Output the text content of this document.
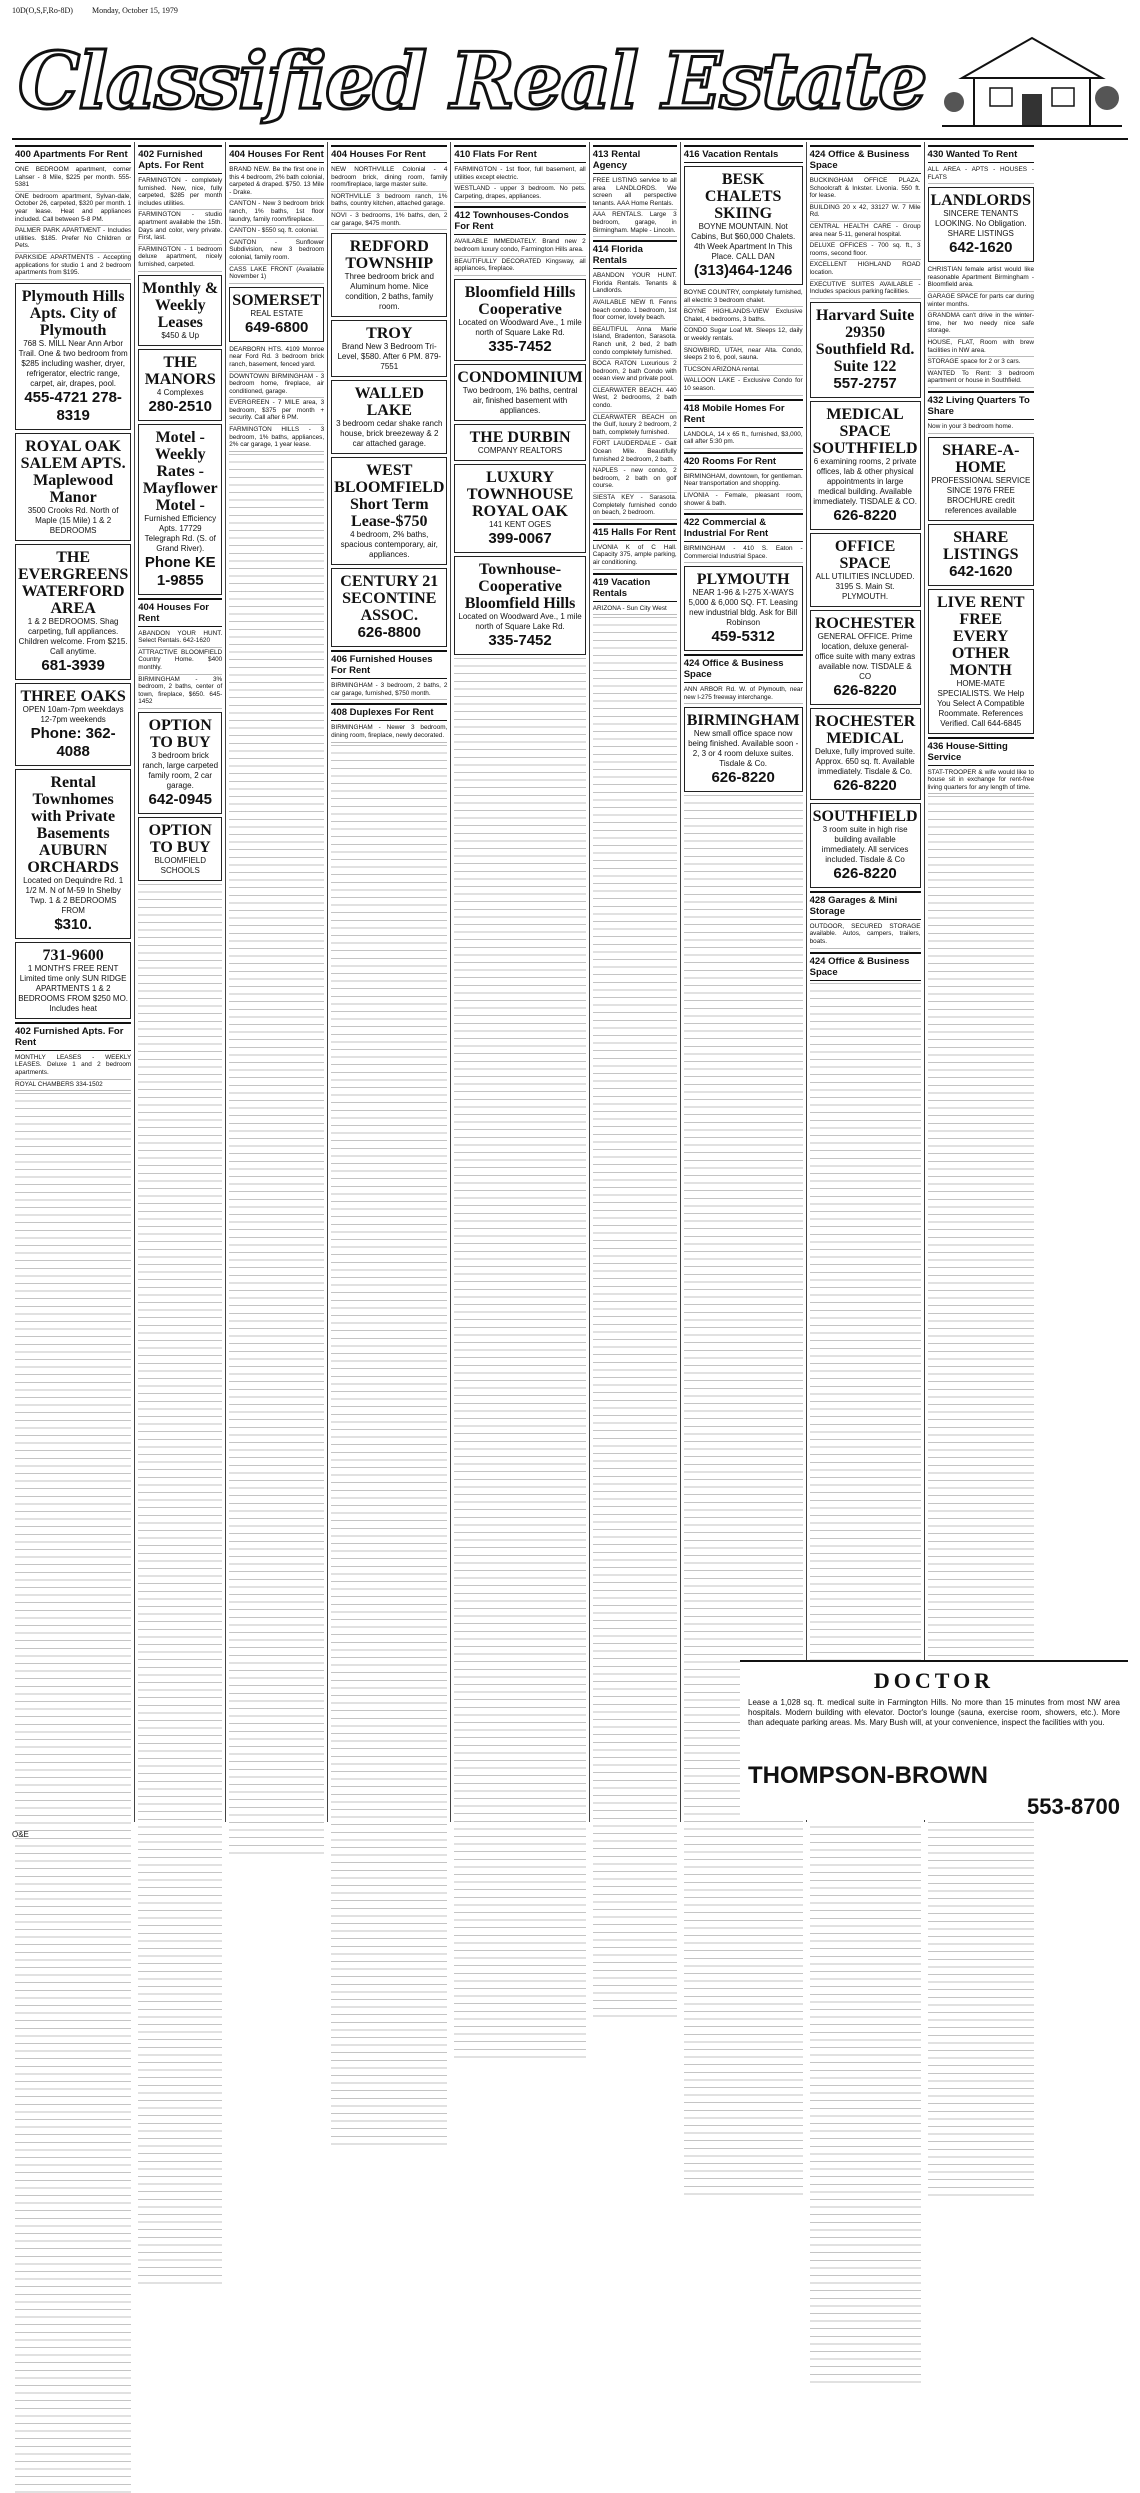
10D(O,S,F,Ro-8D) Monday, October 15, 1979
Classified Real Estate
400 Apartments For Rent
ONE BEDROOM apartment, corner Lahser - 8 Mile, $225 per month. 555-5381
ONE bedroom apartment, Sylvan-dale, October 26, carpeted, $320 per month. 1 year lease. Heat and appliances included. Call between 5-8 PM.
PALMER PARK APARTMENT - Includes utilities. $185. Prefer No Children or Pets.
PARKSIDE APARTMENTS - Accepting applications for studio 1 and 2 bedroom apartments from $195.
Plymouth Hills Apts. City of Plymouth
768 S. MILL Near Ann Arbor Trail. One & two bedroom from $285 including washer, dryer, refrigerator, electric range, carpet, air, drapes, pool.
455-4721 278-8319
ROYAL OAK SALEM APTS. Maplewood Manor
3500 Crooks Rd. North of Maple (15 Mile) 1 & 2 BEDROOMS
THE EVERGREENS WATERFORD AREA
1 & 2 BEDROOMS. Shag carpeting, full appliances. Children welcome. From $215. Call anytime.
681-3939
THREE OAKS
OPEN 10am-7pm weekdays 12-7pm weekends
Phone: 362-4088
Rental Townhomes with Private Basements AUBURN ORCHARDS
Located on Dequindre Rd. 1 1/2 M. N of M-59 In Shelby Twp. 1 & 2 BEDROOMS FROM
$310.
731-9600
1 MONTH'S FREE RENT Limited time only SUN RIDGE APARTMENTS 1 & 2 BEDROOMS FROM $250 MO. Includes heat
402 Furnished Apts. For Rent
MONTHLY LEASES - WEEKLY LEASES. Deluxe 1 and 2 bedroom apartments.
ROYAL CHAMBERS 334-1502
402 Furnished Apts. For Rent
FARMINGTON - completely furnished. New, nice, fully carpeted, $285 per month includes utilities.
FARMINGTON - studio apartment available the 15th. Days and color, very private. First, last.
FARMINGTON - 1 bedroom deluxe apartment, nicely furnished, carpeted.
Monthly & Weekly Leases
$450 & Up
THE MANORS
4 Complexes
280-2510
Motel - Weekly Rates - Mayflower Motel -
Furnished Efficiency Apts. 17729 Telegraph Rd. (S. of Grand River).
Phone KE 1-9855
404 Houses For Rent
ABANDON YOUR HUNT. Select Rentals. 642-1620
ATTRACTIVE BLOOMFIELD Country Home. $400 monthly.
BIRMINGHAM - 3% bedroom, 2 baths, center of town, fireplace, $650. 645-1452
OPTION TO BUY
3 bedroom brick ranch, large carpeted family room, 2 car garage.
642-0945
OPTION TO BUY
BLOOMFIELD SCHOOLS
404 Houses For Rent
BRAND NEW. Be the first one in this 4 bedroom, 2% bath colonial, carpeted & draped. $750. 13 Mile - Drake.
CANTON - New 3 bedroom brick ranch, 1% baths, 1st floor laundry, family room/fireplace.
CANTON - $550 sq. ft. colonial.
CANTON - Sunflower Subdivision, new 3 bedroom colonial, family room.
CASS LAKE FRONT (Available November 1)
SOMERSET
REAL ESTATE
649-6800
DEARBORN HTS. 4109 Monroe near Ford Rd. 3 bedroom brick ranch, basement, fenced yard.
DOWNTOWN BIRMINGHAM - 3 bedroom home, fireplace, air conditioned, garage.
EVERGREEN - 7 MILE area, 3 bedroom, $375 per month + security. Call after 6 PM.
FARMINGTON HILLS - 3 bedroom, 1% baths, appliances, 2% car garage, 1 year lease.
404 Houses For Rent
NEW NORTHVILLE Colonial - 4 bedroom brick, dining room, family room/fireplace, large master suite.
NORTHVILLE 3 bedroom ranch, 1% baths, country kitchen, attached garage.
NOVI - 3 bedrooms, 1% baths, den, 2 car garage, $475 month.
REDFORD TOWNSHIP
Three bedroom brick and Aluminum home. Nice condition, 2 baths, family room.
TROY
Brand New 3 Bedroom Tri-Level, $580. After 6 PM. 879-7551
WALLED LAKE
3 bedroom cedar shake ranch house, brick breezeway & 2 car attached garage.
WEST BLOOMFIELD Short Term Lease-$750
4 bedroom, 2% baths, spacious contemporary, air, appliances.
CENTURY 21 SECONTINE ASSOC.
626-8800
406 Furnished Houses For Rent
BIRMINGHAM - 3 bedroom, 2 baths, 2 car garage, furnished, $750 month.
408 Duplexes For Rent
BIRMINGHAM - Newer 3 bedroom, dining room, fireplace, newly decorated.
410 Flats For Rent
FARMINGTON - 1st floor, full basement, all utilities except electric.
WESTLAND - upper 3 bedroom. No pets. Carpeting, drapes, appliances.
412 Townhouses-Condos For Rent
AVAILABLE IMMEDIATELY. Brand new 2 bedroom luxury condo, Farmington Hills area.
BEAUTIFULLY DECORATED Kingsway, all appliances, fireplace.
Bloomfield Hills Cooperative
Located on Woodward Ave., 1 mile north of Square Lake Rd.
335-7452
CONDOMINIUM
Two bedroom, 1% baths, central air, finished basement with appliances.
THE DURBIN
COMPANY REALTORS
LUXURY TOWNHOUSE ROYAL OAK
141 KENT OGES
399-0067
Townhouse-Cooperative Bloomfield Hills
Located on Woodward Ave., 1 mile north of Square Lake Rd.
335-7452
413 Rental Agency
FREE LISTING service to all area LANDLORDS. We screen all perspective tenants. AAA Home Rentals.
AAA RENTALS. Large 3 bedroom, garage, in Birmingham. Maple - Lincoln.
414 Florida Rentals
ABANDON YOUR HUNT. Florida Rentals. Tenants & Landlords.
AVAILABLE NEW fl. Fenns beach condo. 1 bedroom, 1st floor corner, lovely beach.
BEAUTIFUL Anna Marie Island, Bradenton, Sarasota. Ranch unit, 2 bed, 2 bath condo completely furnished.
BOCA RATON Luxurious 2 bedroom, 2 bath Condo with ocean view and private pool.
CLEARWATER BEACH. 440 West, 2 bedrooms, 2 bath condo.
CLEARWATER BEACH on the Gulf, luxury 2 bedroom, 2 bath, completely furnished.
FORT LAUDERDALE - Galt Ocean Mile. Beautifully furnished 2 bedroom, 2 bath.
NAPLES - new condo, 2 bedroom, 2 bath on golf course.
SIESTA KEY - Sarasota. Completely furnished condo on beach, 2 bedroom.
415 Halls For Rent
LIVONIA K of C Hall. Capacity 375, ample parking, air conditioning.
419 Vacation Rentals
ARIZONA - Sun City West
416 Vacation Rentals
BESK CHALETS SKIING
BOYNE MOUNTAIN. Not Cabins, But $60,000 Chalets. 4th Week Apartment In This Place. CALL DAN
(313)464-1246
BOYNE COUNTRY, completely furnished, all electric 3 bedroom chalet.
BOYNE HIGHLANDS-VIEW Exclusive Chalet, 4 bedrooms, 3 baths.
CONDO Sugar Loaf Mt. Sleeps 12, daily or weekly rentals.
SNOWBIRD, UTAH, near Alta. Condo, sleeps 2 to 6, pool, sauna.
TUCSON ARIZONA rental.
WALLOON LAKE - Exclusive Condo for 10 season.
418 Mobile Homes For Rent
LANDOLA, 14 x 65 ft., furnished, $3,000, call after 5:30 pm.
420 Rooms For Rent
BIRMINGHAM, downtown, for gentleman. Near transportation and shopping.
LIVONIA - Female, pleasant room, shower & bath.
422 Commercial & Industrial For Rent
BIRMINGHAM - 410 S. Eaton - Commercial Industrial Space.
PLYMOUTH
NEAR 1-96 & I-275 X-WAYS 5,000 & 6,000 SQ. FT. Leasing new industrial bldg. Ask for Bill Robinson
459-5312
424 Office & Business Space
ANN ARBOR Rd. W. of Plymouth, near new I-275 freeway interchange.
BIRMINGHAM
New small office space now being finished. Available soon - 2, 3 or 4 room deluxe suites. Tisdale & Co.
626-8220
424 Office & Business Space
BUCKINGHAM OFFICE PLAZA. Schoolcraft & Inkster. Livonia. 550 ft. for lease.
BUILDING 20 x 42, 33127 W. 7 Mile Rd.
CENTRAL HEALTH CARE - Group area near 5-11, general hospital.
DELUXE OFFICES - 700 sq. ft., 3 rooms, second floor.
EXCELLENT HIGHLAND ROAD location.
EXECUTIVE SUITES AVAILABLE - Includes spacious parking facilities.
Harvard Suite 29350 Southfield Rd. Suite 122
557-2757
MEDICAL SPACE SOUTHFIELD
6 examining rooms, 2 private offices, lab & other physical appointments in large medical building. Available immediately. TISDALE & CO.
626-8220
OFFICE SPACE
ALL UTILITIES INCLUDED. 3195 S. Main St. PLYMOUTH.
ROCHESTER
GENERAL OFFICE. Prime location, deluxe general-office suite with many extras available now. TISDALE & CO
626-8220
ROCHESTER MEDICAL
Deluxe, fully improved suite. Approx. 650 sq. ft. Available immediately. Tisdale & Co.
626-8220
SOUTHFIELD
3 room suite in high rise building available immediately. All services included. Tisdale & Co
626-8220
428 Garages & Mini Storage
OUTDOOR, SECURED STORAGE available. Autos, campers, trailers, boats.
424 Office & Business Space
430 Wanted To Rent
ALL AREA - APTS - HOUSES - FLATS
LANDLORDS
SINCERE TENANTS LOOKING. No Obligation. SHARE LISTINGS
642-1620
CHRISTIAN female artist would like reasonable Apartment Birmingham - Bloomfield area.
GARAGE SPACE for parts car during winter months.
GRANDMA can't drive in the winter-time, her two needy nice safe storage.
HOUSE, FLAT, Room with brew facilities in NW area.
STORAGE space for 2 or 3 cars.
WANTED To Rent: 3 bedroom apartment or house in Southfield.
432 Living Quarters To Share
Now in your 3 bedroom home.
SHARE-A-HOME
PROFESSIONAL SERVICE SINCE 1976 FREE BROCHURE credit references available
SHARE LISTINGS
642-1620
LIVE RENT FREE EVERY OTHER MONTH
HOME-MATE SPECIALISTS. We Help You Select A Compatible Roommate. References Verified. Call 644-6845
436 House-Sitting Service
STAT-TROOPER & wife would like to house sit in exchange for rent-free living quarters for any length of time.
DOCTOR
Lease a 1,028 sq. ft. medical suite in Farmington Hills. No more than 15 minutes from most NW area hospitals. Modern building with elevator. Doctor's lounge (sauna, exercise room, showers, etc.). More than adequate parking areas. Ms. Mary Bush will, at your convenience, inspect the facilities with you.
THOMPSON-BROWN
553-8700
O&E
